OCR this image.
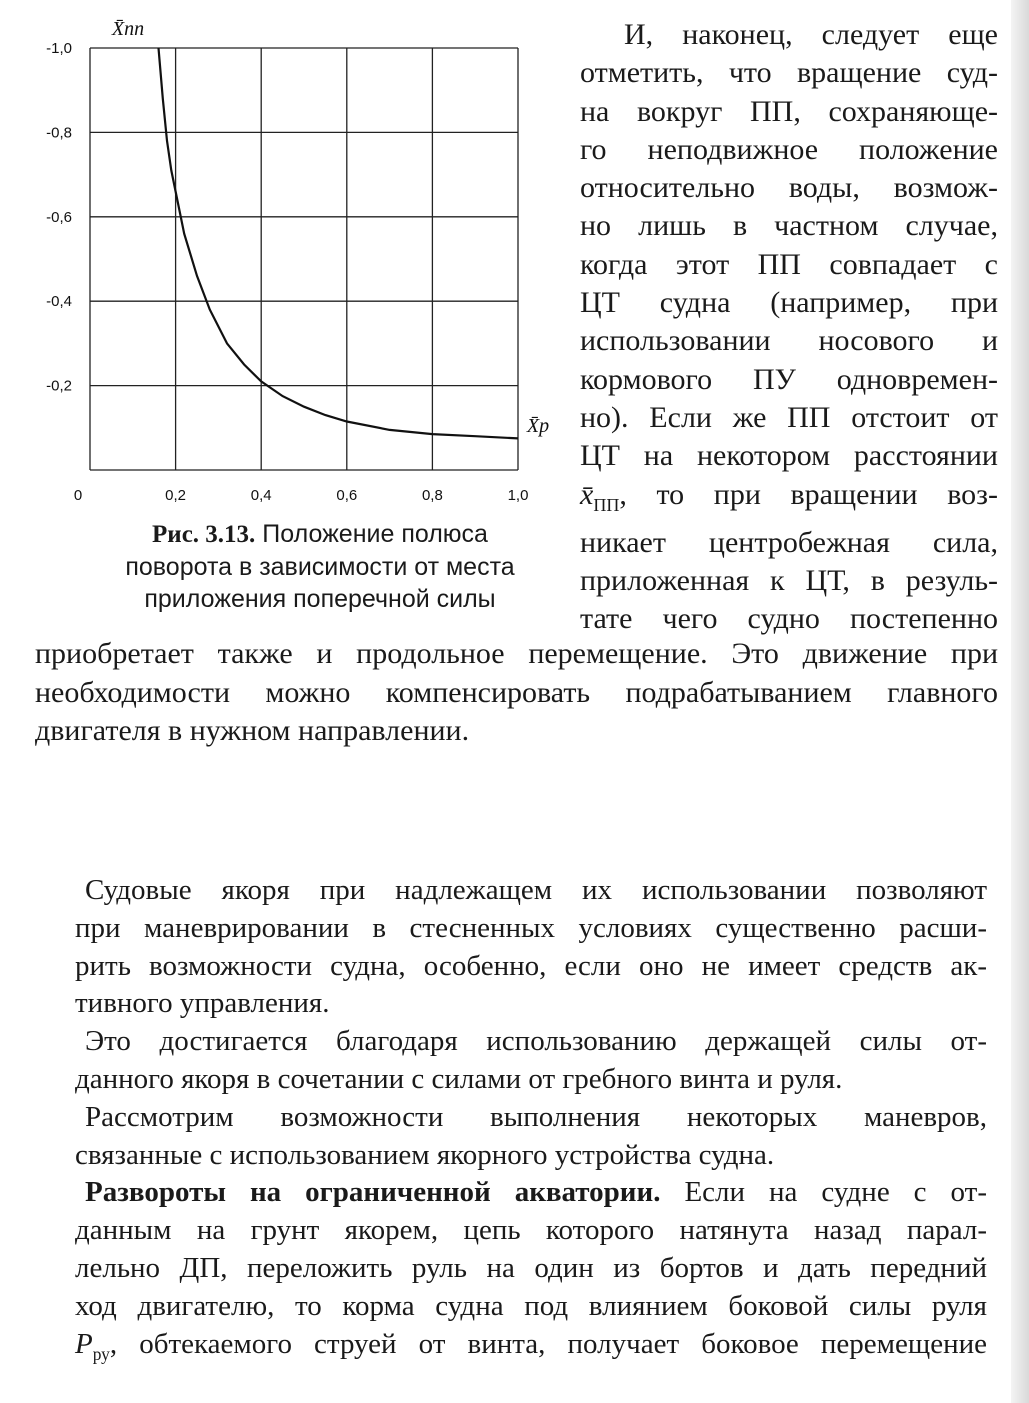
0	0,2	0,4	0,6	0,8	1,0
-1,0
-0,8
-0,6
-0,4
-0,2
X̄пп
X̄р
Рис. 3.13. Положение полюса
поворота в зависимости от места
приложения поперечной силы
И, наконец, следует еще
отметить, что вращение суд-
на вокруг ПП, сохраняюще-
го неподвижное положение
относительно воды, возмож-
но лишь в частном случае,
когда этот ПП совпадает с
ЦТ судна (например, при
использовании носового и
кормового ПУ одновремен-
но). Если же ПП отстоит от
ЦТ на некотором расстоянии
$x̄_{ПП}$, то при вращении воз-
никает центробежная сила,
приложенная к ЦТ, в резуль-
тате чего судно постепенно
приобретает также и продольное перемещение. Это движение при
необходимости можно компенсировать подрабатыванием главного
двигателя в нужном направлении.
Судовые якоря при надлежащем их использовании позволяют
при маневрировании в стесненных условиях существенно расши-
рить возможности судна, особенно, если оно не имеет средств ак-
тивного управления.
Это достигается благодаря использованию держащей силы от-
данного якоря в сочетании с силами от гребного винта и руля.
Рассмотрим возможности выполнения некоторых маневров,
связанные с использованием якорного устройства судна.
Развороты на ограниченной акватории. Если на судне с от-
данным на грунт якорем, цепь которого натянута назад парал-
лельно ДП, переложить руль на один из бортов и дать передний
ход двигателю, то корма судна под влиянием боковой силы руля
$P_{ру}$, обтекаемого струей от винта, получает боковое перемещение
